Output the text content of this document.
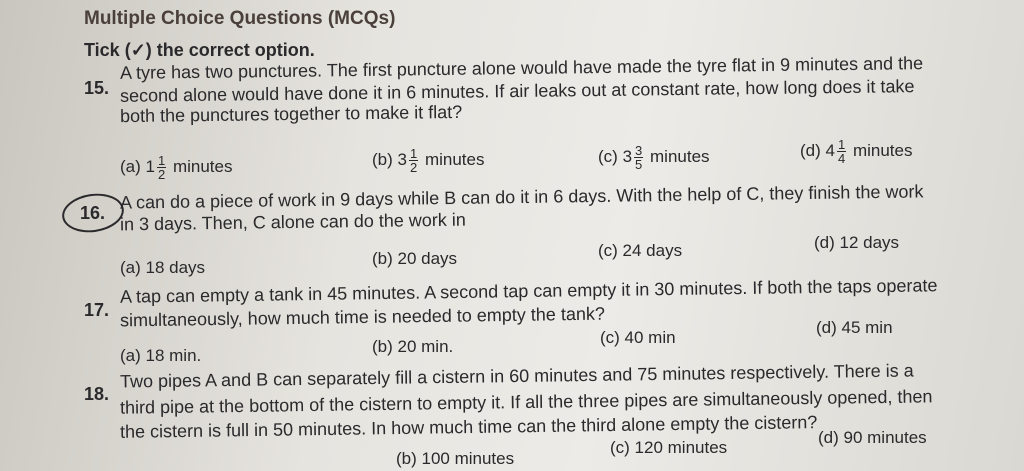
Multiple Choice Questions (MCQs)
Tick (✓) the correct option.
15.
A tyre has two punctures. The first puncture alone would have made the tyre flat in 9 minutes and the
second alone would have done it in 6 minutes. If air leaks out at constant rate, how long does it take
both the punctures together to make it flat?
(a) $1 \frac{1}{2}$ minutes	(b) $3 \frac{1}{2}$ minutes	(c) $3 \frac{3}{5}$ minutes	(d) $4 \frac{1}{4}$ minutes
16.
A can do a piece of work in 9 days while B can do it in 6 days. With the help of C, they finish the work
in 3 days. Then, C alone can do the work in
(a) 18 days	(b) 20 days	(c) 24 days	(d) 12 days
17.
A tap can empty a tank in 45 minutes. A second tap can empty it in 30 minutes. If both the taps operate
simultaneously, how much time is needed to empty the tank?
(a) 18 min.	(b) 20 min.	(c) 40 min
(d) 45 min
18.
Two pipes A and B can separately fill a cistern in 60 minutes and 75 minutes respectively. There is a
third pipe at the bottom of the cistern to empty it. If all the three pipes are simultaneously opened, then
the cistern is full in 50 minutes. In how much time can the third alone empty the cistern?
(b) 100 minutes
(c) 120 minutes
(d) 90 minutes
